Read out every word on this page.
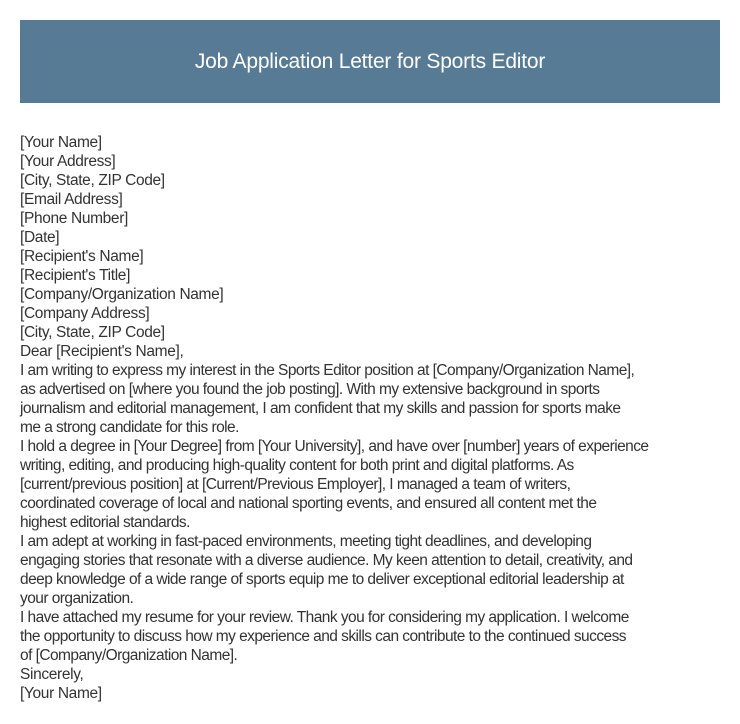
Job Application Letter for Sports Editor
[Your Name]
[Your Address]
[City, State, ZIP Code]
[Email Address]
[Phone Number]
[Date]
[Recipient's Name]
[Recipient's Title]
[Company/Organization Name]
[Company Address]
[City, State, ZIP Code]
Dear [Recipient's Name],
I am writing to express my interest in the Sports Editor position at [Company/Organization Name],
as advertised on [where you found the job posting]. With my extensive background in sports
journalism and editorial management, I am confident that my skills and passion for sports make
me a strong candidate for this role.
I hold a degree in [Your Degree] from [Your University], and have over [number] years of experience
writing, editing, and producing high-quality content for both print and digital platforms. As
[current/previous position] at [Current/Previous Employer], I managed a team of writers,
coordinated coverage of local and national sporting events, and ensured all content met the
highest editorial standards.
I am adept at working in fast-paced environments, meeting tight deadlines, and developing
engaging stories that resonate with a diverse audience. My keen attention to detail, creativity, and
deep knowledge of a wide range of sports equip me to deliver exceptional editorial leadership at
your organization.
I have attached my resume for your review. Thank you for considering my application. I welcome
the opportunity to discuss how my experience and skills can contribute to the continued success
of [Company/Organization Name].
Sincerely,
[Your Name]
